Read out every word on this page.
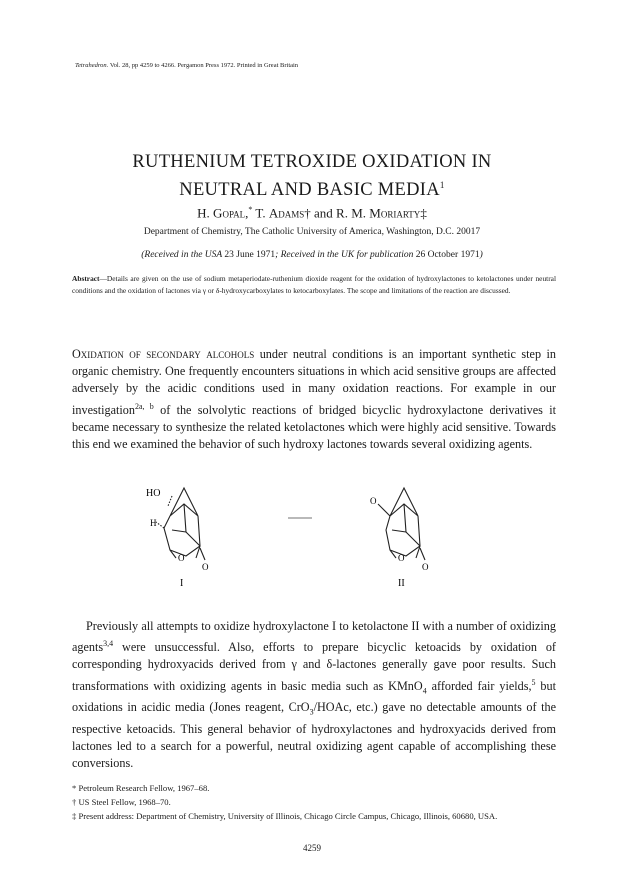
Tetrahedron. Vol. 28, pp 4259 to 4266. Pergamon Press 1972. Printed in Great Britain
RUTHENIUM TETROXIDE OXIDATION IN
NEUTRAL AND BASIC MEDIA$^1$
H. Gopal,* T. Adams† and R. M. Moriarty‡
Department of Chemistry, The Catholic University of America, Washington, D.C. 20017
(Received in the USA 23 June 1971; Received in the UK for publication 26 October 1971)
Abstract—Details are given on the use of sodium metaperiodate-ruthenium dioxide reagent for the oxidation of hydroxylactones to ketolactones under neutral conditions and the oxidation of lactones via γ or δ-hydroxycarboxylates to ketocarboxylates. The scope and limitations of the reaction are discussed.
Oxidation of secondary alcohols under neutral conditions is an important synthetic step in organic chemistry. One frequently encounters situations in which acid sensitive groups are affected adversely by the acidic conditions used in many oxidation reactions. For example in our investigation$^{2a, b}$ of the solvolytic reactions of bridged bicyclic hydroxylactone derivatives it became necessary to synthesize the related ketolactones which were highly acid sensitive. Towards this end we examined the behavior of such hydroxy lactones towards several oxidizing agents.
HO
H
O
O
O
O
O
I	II
Previously all attempts to oxidize hydroxylactone I to ketolactone II with a number of oxidizing agents$^{3,4}$ were unsuccessful. Also, efforts to prepare bicyclic ketoacids by oxidation of corresponding hydroxyacids derived from γ and δ-lactones generally gave poor results. Such transformations with oxidizing agents in basic media such as KMnO$_4$ afforded fair yields,$^5$ but oxidations in acidic media (Jones reagent, CrO$_3$/HOAc, etc.) gave no detectable amounts of the respective ketoacids. This general behavior of hydroxylactones and hydroxyacids derived from lactones led to a search for a powerful, neutral oxidizing agent capable of accomplishing these conversions.
* Petroleum Research Fellow, 1967–68.
† US Steel Fellow, 1968–70.
‡ Present address: Department of Chemistry, University of Illinois, Chicago Circle Campus, Chicago, Illinois, 60680, USA.
4259
